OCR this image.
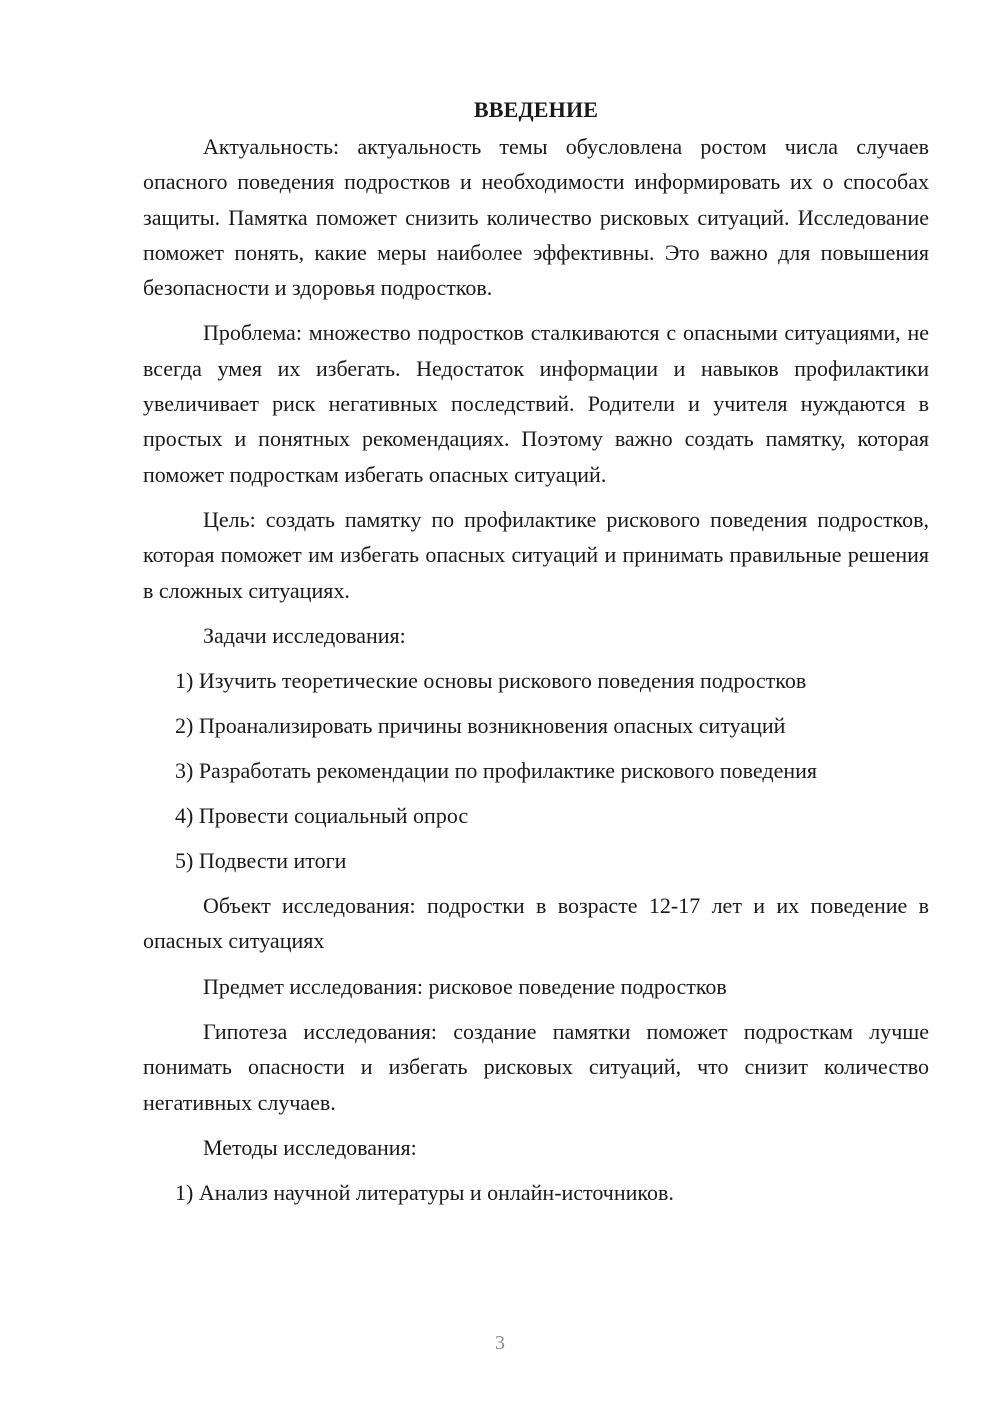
ВВЕДЕНИЕ

Актуальность: актуальность темы обусловлена ростом числа случаев опасного поведения подростков и необходимости информировать их о способах защиты. Памятка поможет снизить количество рисковых ситуаций. Исследование поможет понять, какие меры наиболее эффективны. Это важно для повышения безопасности и здоровья подростков.

Проблема: множество подростков сталкиваются с опасными ситуациями, не всегда умея их избегать. Недостаток информации и навыков профилактики увеличивает риск негативных последствий. Родители и учителя нуждаются в простых и понятных рекомендациях. Поэтому важно создать памятку, которая поможет подросткам избегать опасных ситуаций.

Цель: создать памятку по профилактике рискового поведения подростков, которая поможет им избегать опасных ситуаций и принимать правильные решения в сложных ситуациях.

Задачи исследования:

1) Изучить теоретические основы рискового поведения подростков
2) Проанализировать причины возникновения опасных ситуаций
3) Разработать рекомендации по профилактике рискового поведения
4) Провести социальный опрос
5) Подвести итоги

Объект исследования: подростки в возрасте 12-17 лет и их поведение в опасных ситуациях

Предмет исследования: рисковое поведение подростков

Гипотеза исследования: создание памятки поможет подросткам лучше понимать опасности и избегать рисковых ситуаций, что снизит количество негативных случаев.

Методы исследования:

1) Анализ научной литературы и онлайн-источников.
3
